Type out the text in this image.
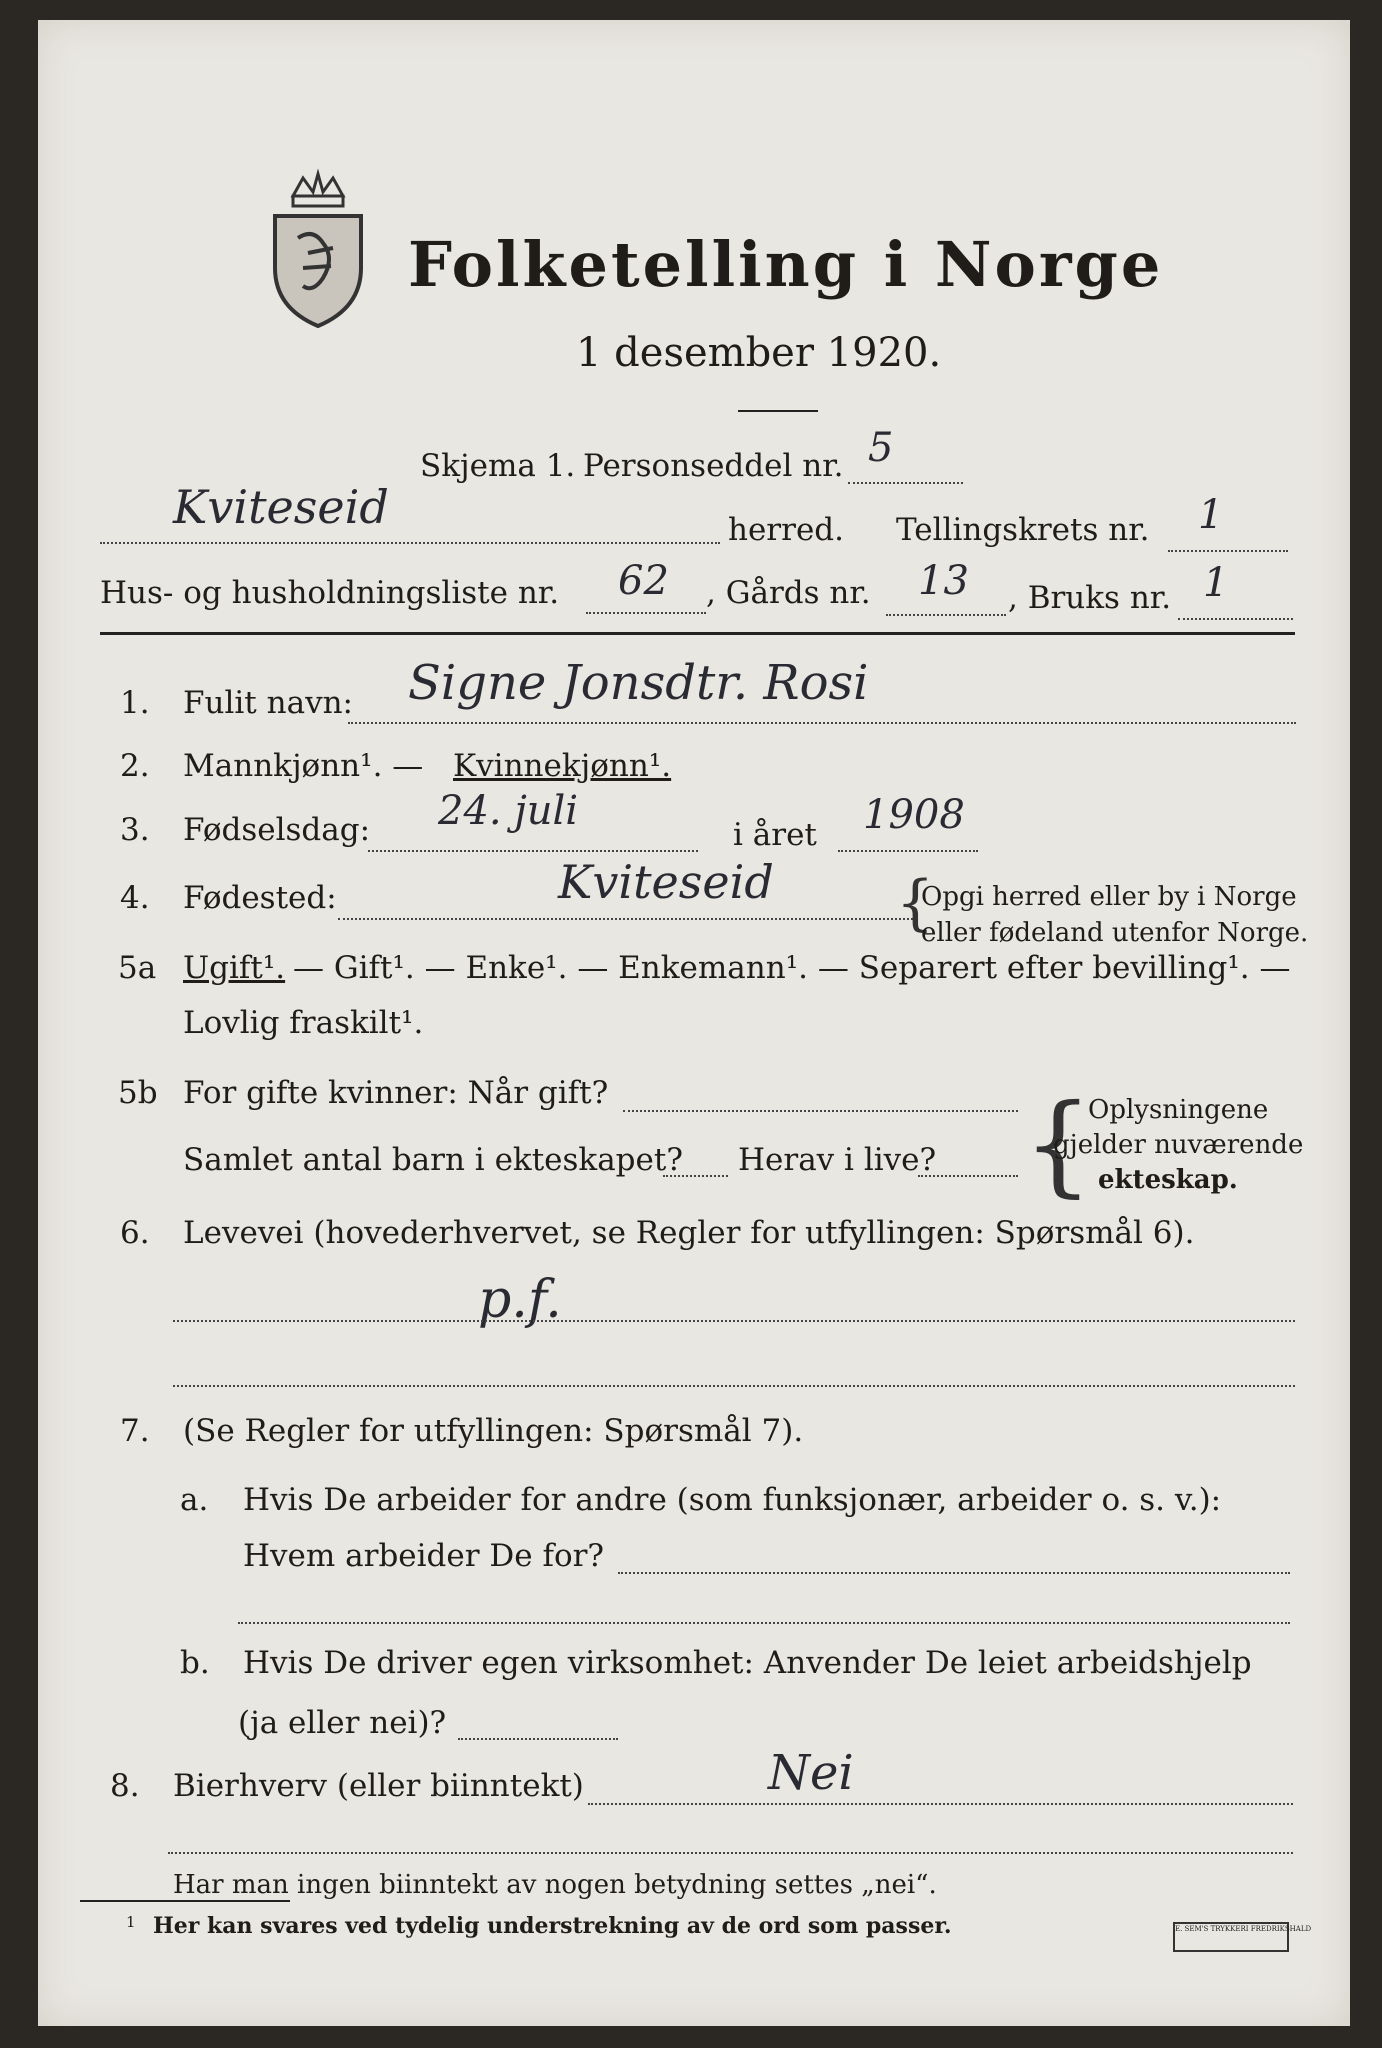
Folketelling i Norge
1 desember 1920.
Skjema 1. Personseddel nr. 5
Kviteseid	herred. Tellingskrets nr. 1
Hus- og husholdningsliste nr. 62 , Gårds nr. 13 , Bruks nr. 1
1. Fulit navn: Signe Jonsdtr. Rosi
2. Mannkjønn¹. — Kvinnekjønn¹.
3. Fødselsdag: 24. juli
i året 1908
4. Fødested:	Kviteseid {
Opgi herred eller by i Norge
eller fødeland utenfor Norge.
5a Ugift¹. — Gift¹. — Enke¹. — Enkemann¹. — Separert efter bevilling¹. —
Lovlig fraskilt¹.
5b For gifte kvinner: Når gift?
Samlet antal barn i ekteskapet? Herav i live? {
Oplysningene
gjelder nuværende
ekteskap.
6. Levevei (hovederhvervet, se Regler for utfyllingen: Spørsmål 6).
p.f.
7. (Se Regler for utfyllingen: Spørsmål 7).
a. Hvis De arbeider for andre (som funksjonær, arbeider o. s. v.):
Hvem arbeider De for?
b. Hvis De driver egen virksomhet: Anvender De leiet arbeidshjelp
(ja eller nei)?
8. Bierhverv (eller biinntekt)	Nei
Har man ingen biinntekt av nogen betydning settes „nei“.
1 Her kan svares ved tydelig understrekning av de ord som passer.	E. SEM'S TRYKKERI FREDRIKSHALD
